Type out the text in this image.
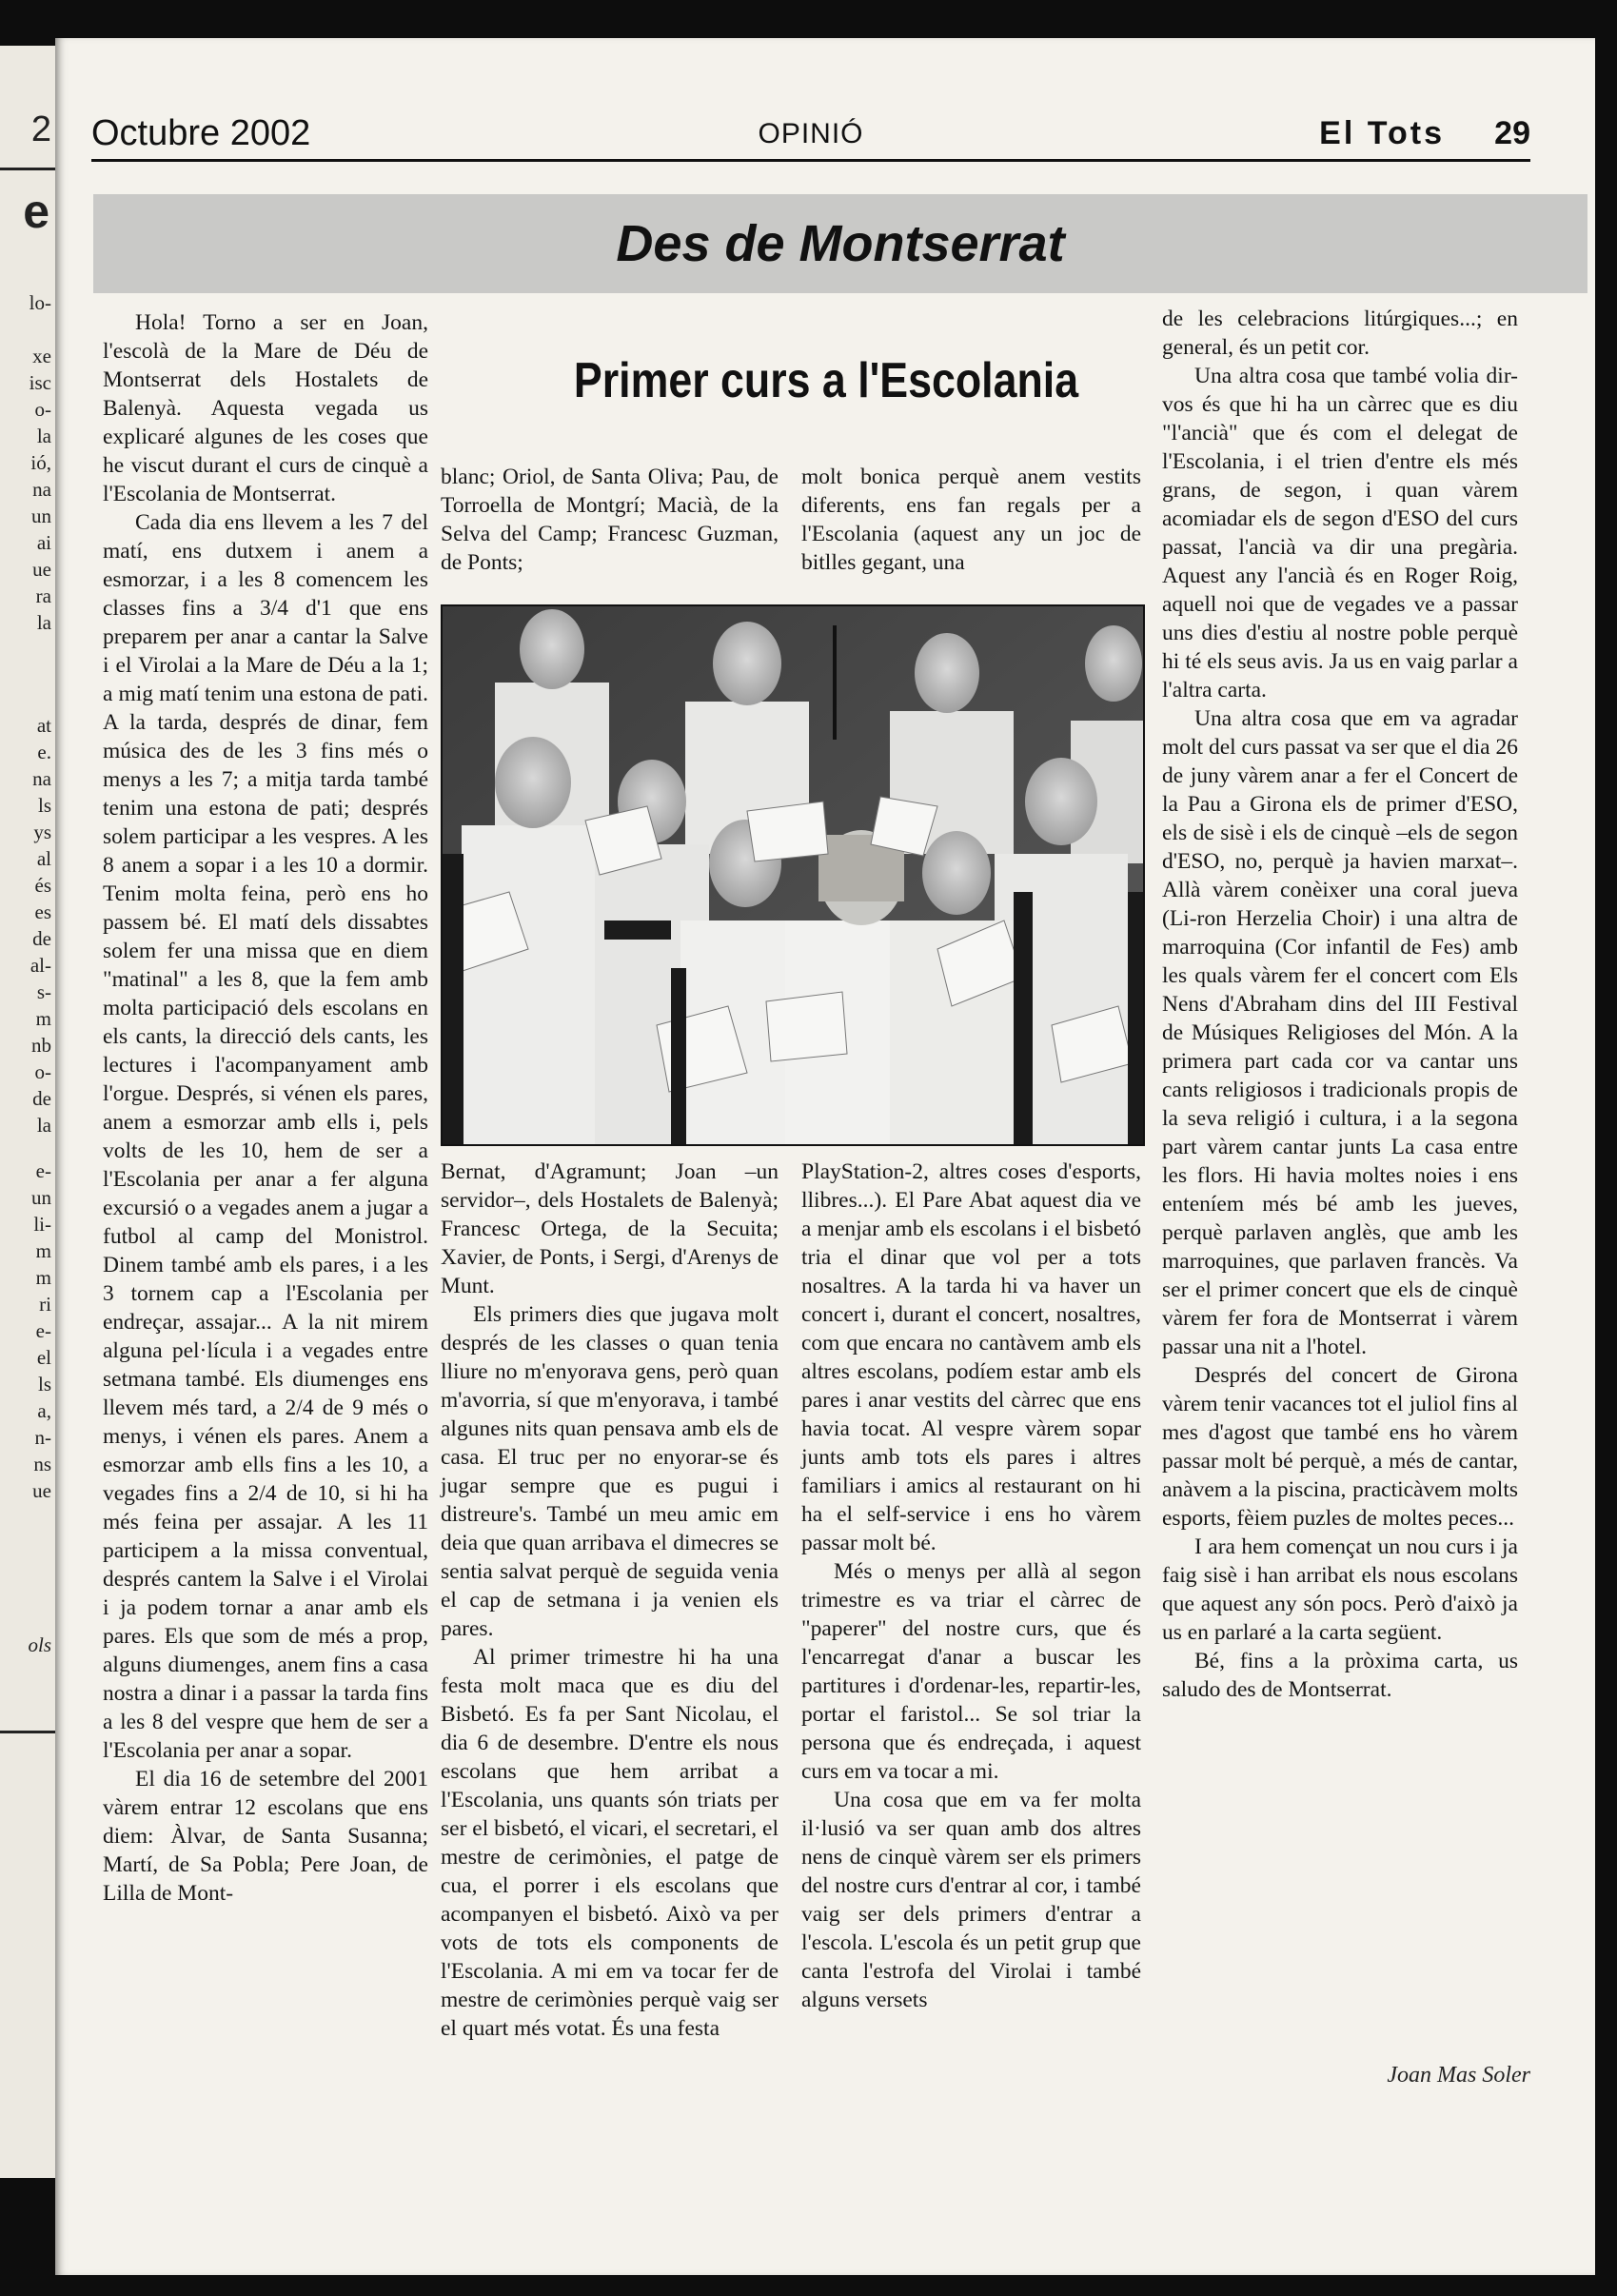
2
e
lo-
xe
isc
o-
la
ió,
na
un
ai
ue
ra
la
at
e.
na
ls
ys
al
és
es
de
al-
s-
m
nb
o-
de
la
e-
un
li-
m
m
ri
e-
el
ls
a,
n-
ns
ue
ols
Octubre 2002	OPINIÓ	El Tots 29
Des de Montserrat
Primer curs a l'Escolania

Hola! Torno a ser en Joan, l'escolà de la Mare de Déu de Montserrat dels Hostalets de Balenyà. Aquesta vegada us explicaré algunes de les coses que he viscut durant el curs de cinquè a l'Escolania de Montserrat.

Cada dia ens llevem a les 7 del matí, ens dutxem i anem a esmorzar, i a les 8 comencem les classes fins a 3/4 d'1 que ens preparem per anar a cantar la Salve i el Virolai a la Mare de Déu a la 1; a mig matí tenim una estona de pati. A la tarda, després de dinar, fem música des de les 3 fins més o menys a les 7; a mitja tarda també tenim una estona de pati; després solem participar a les vespres. A les 8 anem a sopar i a les 10 a dormir. Tenim molta feina, però ens ho passem bé. El matí dels dissabtes solem fer una missa que en diem "matinal" a les 8, que la fem amb molta participació dels escolans en els cants, la direcció dels cants, les lectures i l'acompanyament amb l'orgue. Després, si vénen els pares, anem a esmorzar amb ells i, pels volts de les 10, hem de ser a l'Escolania per anar a fer alguna excursió o a vegades anem a jugar a futbol al camp del Monistrol. Dinem també amb els pares, i a les 3 tornem cap a l'Escolania per endreçar, assajar... A la nit mirem alguna pel·lícula i a vegades entre setmana també. Els diumenges ens llevem més tard, a 2/4 de 9 més o menys, i vénen els pares. Anem a esmorzar amb ells fins a les 10, a vegades fins a 2/4 de 10, si hi ha més feina per assajar. A les 11 participem a la missa conventual, després cantem la Salve i el Virolai i ja podem tornar a anar amb els pares. Els que som de més a prop, alguns diumenges, anem fins a casa nostra a dinar i a passar la tarda fins a les 8 del vespre que hem de ser a l'Escolania per anar a sopar.

El dia 16 de setembre del 2001 vàrem entrar 12 escolans que ens diem: Àlvar, de Santa Susanna; Martí, de Sa Pobla; Pere Joan, de Lilla de Mont-

blanc; Oriol, de Santa Oliva; Pau, de Torroella de Montgrí; Macià, de la Selva del Camp; Francesc Guzman, de Ponts;

molt bonica perquè anem vestits diferents, ens fan regals per a l'Escolania (aquest any un joc de bitlles gegant, una

Bernat, d'Agramunt; Joan –un servidor–, dels Hostalets de Balenyà; Francesc Ortega, de la Secuita; Xavier, de Ponts, i Sergi, d'Arenys de Munt.

Els primers dies que jugava molt després de les classes o quan tenia lliure no m'enyorava gens, però quan m'avorria, sí que m'enyorava, i també algunes nits quan pensava amb els de casa. El truc per no enyorar-se és jugar sempre que es pugui i distreure's. També un meu amic em deia que quan arribava el dimecres se sentia salvat perquè de seguida venia el cap de setmana i ja venien els pares.

Al primer trimestre hi ha una festa molt maca que es diu del Bisbetó. Es fa per Sant Nicolau, el dia 6 de desembre. D'entre els nous escolans que hem arribat a l'Escolania, uns quants són triats per ser el bisbetó, el vicari, el secretari, el mestre de cerimònies, el patge de cua, el porrer i els escolans que acompanyen el bisbetó. Això va per vots de tots els components de l'Escolania. A mi em va tocar fer de mestre de cerimònies perquè vaig ser el quart més votat. És una festa

PlayStation-2, altres coses d'esports, llibres...). El Pare Abat aquest dia ve a menjar amb els escolans i el bisbetó tria el dinar que vol per a tots nosaltres. A la tarda hi va haver un concert i, durant el concert, nosaltres, com que encara no cantàvem amb els altres escolans, podíem estar amb els pares i anar vestits del càrrec que ens havia tocat. Al vespre vàrem sopar junts amb tots els pares i altres familiars i amics al restaurant on hi ha el self-service i ens ho vàrem passar molt bé.

Més o menys per allà al segon trimestre es va triar el càrrec de "paperer" del nostre curs, que és l'encarregat d'anar a buscar les partitures i d'ordenar-les, repartir-les, portar el faristol... Se sol triar la persona que és endreçada, i aquest curs em va tocar a mi.

Una cosa que em va fer molta il·lusió va ser quan amb dos altres nens de cinquè vàrem ser els primers del nostre curs d'entrar al cor, i també vaig ser dels primers d'entrar a l'escola. L'escola és un petit grup que canta l'estrofa del Virolai i també alguns versets

de les celebracions litúrgiques...; en general, és un petit cor.

Una altra cosa que també volia dir-vos és que hi ha un càrrec que es diu "l'ancià" que és com el delegat de l'Escolania, i el trien d'entre els més grans, de segon, i quan vàrem acomiadar els de segon d'ESO del curs passat, l'ancià va dir una pregària. Aquest any l'ancià és en Roger Roig, aquell noi que de vegades ve a passar uns dies d'estiu al nostre poble perquè hi té els seus avis. Ja us en vaig parlar a l'altra carta.

Una altra cosa que em va agradar molt del curs passat va ser que el dia 26 de juny vàrem anar a fer el Concert de la Pau a Girona els de primer d'ESO, els de sisè i els de cinquè –els de segon d'ESO, no, perquè ja havien marxat–. Allà vàrem conèixer una coral jueva (Li-ron Herzelia Choir) i una altra de marroquina (Cor infantil de Fes) amb les quals vàrem fer el concert com Els Nens d'Abraham dins del III Festival de Músiques Religioses del Món. A la primera part cada cor va cantar uns cants religiosos i tradicionals propis de la seva religió i cultura, i a la segona part vàrem cantar junts La casa entre les flors. Hi havia moltes noies i ens enteníem més bé amb les jueves, perquè parlaven anglès, que amb les marroquines, que parlaven francès. Va ser el primer concert que els de cinquè vàrem fer fora de Montserrat i vàrem passar una nit a l'hotel.

Després del concert de Girona vàrem tenir vacances tot el juliol fins al mes d'agost que també ens ho vàrem passar molt bé perquè, a més de cantar, anàvem a la piscina, practicàvem molts esports, fèiem puzles de moltes peces...

I ara hem començat un nou curs i ja faig sisè i han arribat els nous escolans que aquest any són pocs. Però d'això ja us en parlaré a la carta següent.

Bé, fins a la pròxima carta, us saludo des de Montserrat.

Joan Mas Soler
